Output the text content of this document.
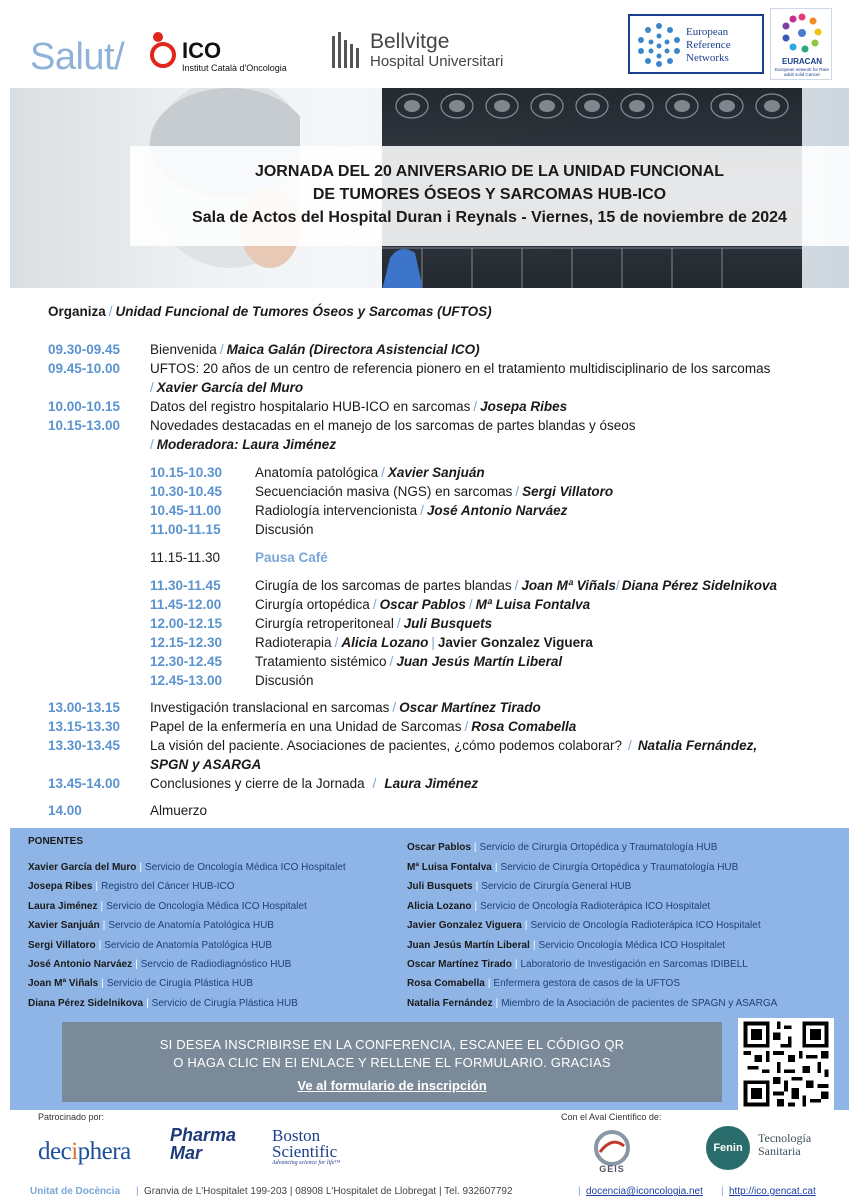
Salut/	ICO
Institut Català d'Oncologia
Bellvitge
Hospital Universitari
European
Reference
Networks	EURACAN
European network for Rare adult solid Cancer
JORNADA DEL 20 ANIVERSARIO DE LA UNIDAD FUNCIONAL
DE TUMORES ÓSEOS Y SARCOMAS HUB-ICO
Sala de Actos del Hospital Duran i Reynals - Viernes, 15 de noviembre de 2024
Organiza / Unidad Funcional de Tumores Óseos y Sarcomas (UFTOS)
09.30-09.45 Bienvenida / Maica Galán (Directora Asistencial ICO)
09.45-10.00 UFTOS: 20 años de un centro de referencia pionero en el tratamiento multidisciplinario de los sarcomas
/ Xavier García del Muro
10.00-10.15 Datos del registro hospitalario HUB-ICO en sarcomas / Josepa Ribes
10.15-13.00 Novedades destacadas en el manejo de los sarcomas de partes blandas y óseos
/ Moderadora: Laura Jiménez
10.15-10.30 Anatomía patológica / Xavier Sanjuán
10.30-10.45 Secuenciación masiva (NGS) en sarcomas / Sergi Villatoro
10.45-11.00 Radiología intervencionista / José Antonio Narváez
11.00-11.15	Discusión
11.15-11.30	Pausa Café
11.30-11.45	Cirugía de los sarcomas de partes blandas / Joan Mª Viñals/ Diana Pérez Sidelnikova
11.45-12.00 Cirurgía ortopédica / Oscar Pablos / Mª Luisa Fontalva
12.00-12.15 Cirurgía retroperitoneal / Juli Busquets
12.15-12.30 Radioterapia / Alicia Lozano | Javier Gonzalez Viguera
12.30-12.45 Tratamiento sistémico / Juan Jesús Martín Liberal
12.45-13.00 Discusión
13.00-13.15 Investigación translacional en sarcomas / Oscar Martínez Tirado
13.15-13.30 Papel de la enfermería en una Unidad de Sarcomas / Rosa Comabella
13.30-13.45 La visión del paciente. Asociaciones de pacientes, ¿cómo podemos colaborar? / Natalia Fernández,
SPGN y ASARGA
13.45-14.00 Conclusiones y cierre de la Jornada / Laura Jiménez
14.00	Almuerzo
PONENTES
Xavier García del Muro | Servicio de Oncología Médica ICO Hospitalet
Josepa Ribes | Registro del Cáncer HUB-ICO
Laura Jiménez | Servicio de Oncología Médica ICO Hospitalet
Xavier Sanjuán | Servcio de Anatomía Patológica HUB
Sergi Villatoro | Servicio de Anatomía Patológica HUB
José Antonio Narváez | Servcio de Radiodiagnóstico HUB
Joan Mª Viñals | Servicio de Cirugía Plástica HUB
Diana Pérez Sidelnikova | Servicio de Cirugía Plástica HUB
Oscar Pablos | Servicio de Cirurgía Ortopédica y Traumatología HUB
Mª Luisa Fontalva | Servicio de Cirurgía Ortopédica y Traumatología HUB
Juli Busquets | Servicio de Cirurgía General HUB
Alicia Lozano | Servicio de Oncología Radioterápica ICO Hospitalet
Javier Gonzalez Viguera | Servicio de Oncología Radioterápica ICO Hospitalet
Juan Jesús Martín Liberal | Servicio Oncología Médica ICO Hospitalet
Oscar Martínez Tirado | Laboratorio de Investigación en Sarcomas IDIBELL
Rosa Comabella | Enfermera gestora de casos de la UFTOS
Natalia Fernández | Miembro de la Asociación de pacientes de SPAGN y ASARGA
SI DESEA INSCRIBIRSE EN LA CONFERENCIA, ESCANEE EL CÓDIGO QR
O HAGA CLIC EN EI ENLACE Y RELLENE EL FORMULARIO. GRACIAS
Ve al formulario de inscripción
Patrocinado por:	Con el Aval Científico de:
deciphera
Pharma
Mar
Boston
Scientific
Advancing science for life™
GEIS
Fenin
Tecnología
Sanitaria
Unitat de Docència | Granvia de L'Hospitalet 199-203 | 08908 L'Hospitalet de Llobregat | Tel. 932607792	| docencia@iconcologia.net | http://ico.gencat.cat
